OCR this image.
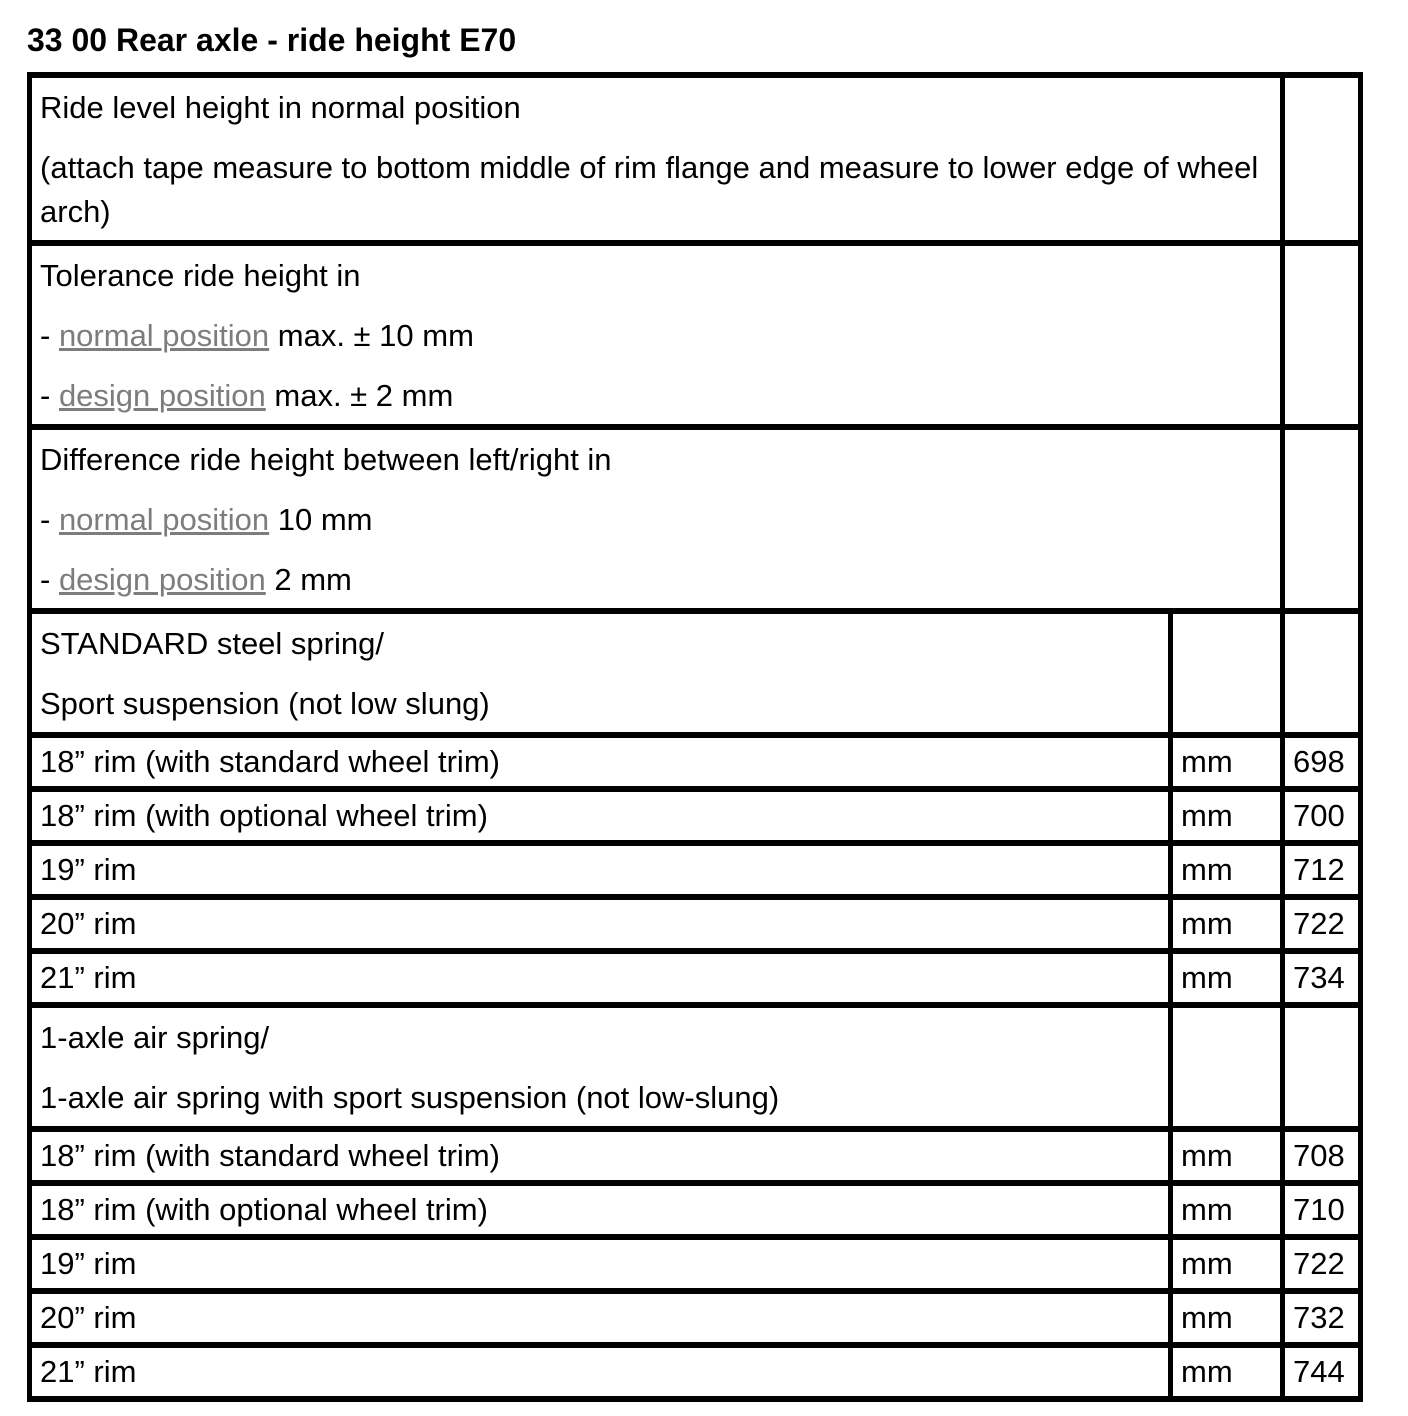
33 00 Rear axle - ride height E70

Ride level height in normal position

(attach tape measure to bottom middle of rim flange and measure to lower edge of wheel arch)		

Tolerance ride height in

- normal position max. ± 10 mm

- design position max. ± 2 mm		

Difference ride height between left/right in

- normal position 10 mm

- design position 2 mm		

STANDARD steel spring/

Sport suspension (not low slung)		

18” rim (with standard wheel trim)	mm	698
18” rim (with optional wheel trim)	mm	700
19” rim	mm	712
20” rim	mm	722
21” rim	mm	734

1-axle air spring/

1-axle air spring with sport suspension (not low-slung)		

18” rim (with standard wheel trim)	mm	708
18” rim (with optional wheel trim)	mm	710
19” rim	mm	722
20” rim	mm	732
21” rim	mm	744
